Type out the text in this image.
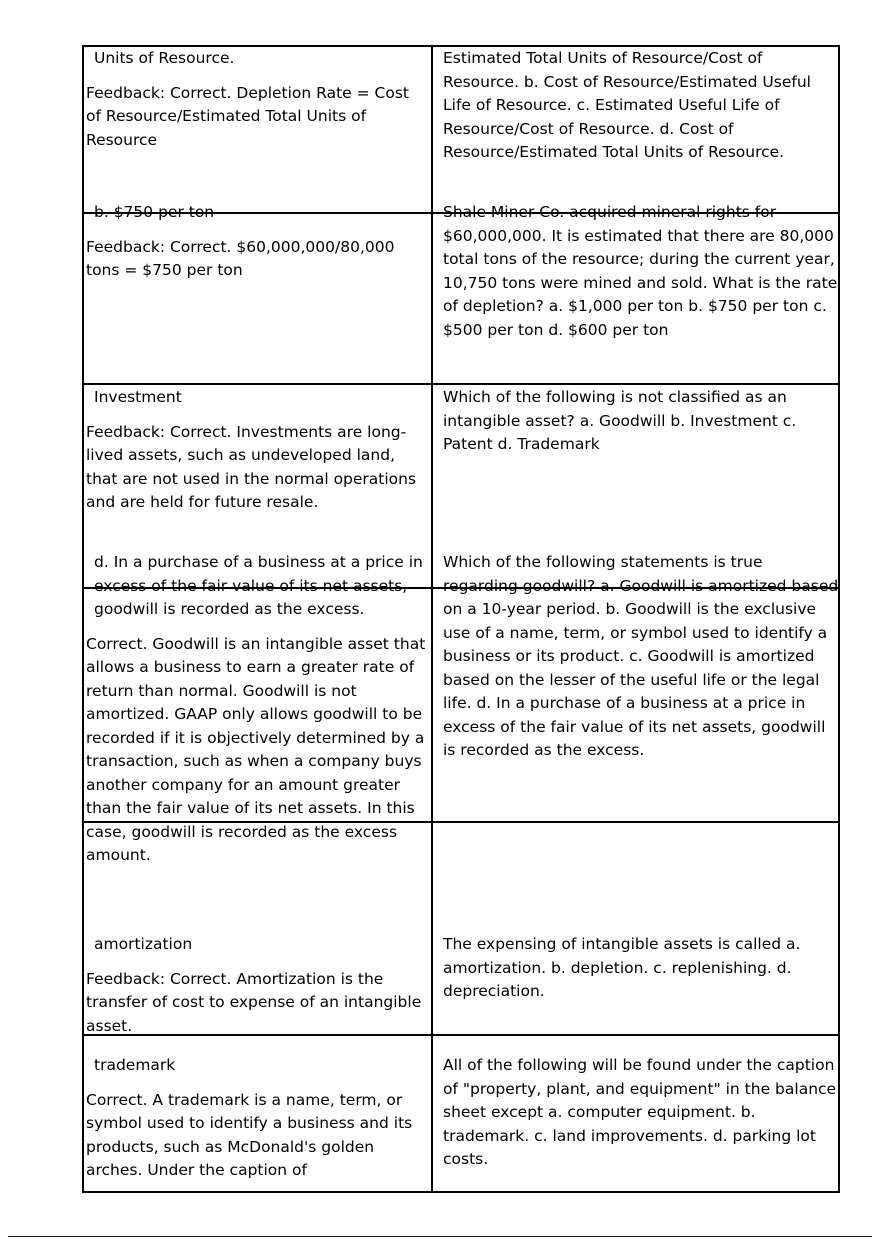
Units of Resource.

Feedback: Correct. Depletion Rate = Cost of Resource/Estimated Total Units of Resource

Estimated Total Units of Resource/Cost of Resource. b. Cost of Resource/Estimated Useful Life of Resource. c. Estimated Useful Life of Resource/Cost of Resource. d. Cost of Resource/Estimated Total Units of Resource.

b. $750 per ton

Feedback: Correct. $60,000,000/80,000 tons = $750 per ton

Shale Miner Co. acquired mineral rights for $60,000,000. It is estimated that there are 80,000 total tons of the resource; during the current year, 10,750 tons were mined and sold. What is the rate of depletion? a. $1,000 per ton b. $750 per ton c. $500 per ton d. $600 per ton

Investment

Feedback: Correct. Investments are long-lived assets, such as undeveloped land, that are not used in the normal operations and are held for future resale.

Which of the following is not classified as an intangible asset? a. Goodwill b. Investment c. Patent d. Trademark

d. In a purchase of a business at a price in excess of the fair value of its net assets, goodwill is recorded as the excess.

Correct. Goodwill is an intangible asset that allows a business to earn a greater rate of return than normal. Goodwill is not amortized. GAAP only allows goodwill to be recorded if it is objectively determined by a transaction, such as when a company buys another company for an amount greater than the fair value of its net assets. In this case, goodwill is recorded as the excess amount.

Which of the following statements is true regarding goodwill? a. Goodwill is amortized based on a 10-year period. b. Goodwill is the exclusive use of a name, term, or symbol used to identify a business or its product. c. Goodwill is amortized based on the lesser of the useful life or the legal life. d. In a purchase of a business at a price in excess of the fair value of its net assets, goodwill is recorded as the excess.

amortization

Feedback: Correct. Amortization is the transfer of cost to expense of an intangible asset.

The expensing of intangible assets is called a. amortization. b. depletion. c. replenishing. d. depreciation.

trademark

Correct. A trademark is a name, term, or symbol used to identify a business and its products, such as McDonald's golden arches. Under the caption of

All of the following will be found under the caption of "property, plant, and equipment" in the balance sheet except a. computer equipment. b. trademark. c. land improvements. d. parking lot costs.
